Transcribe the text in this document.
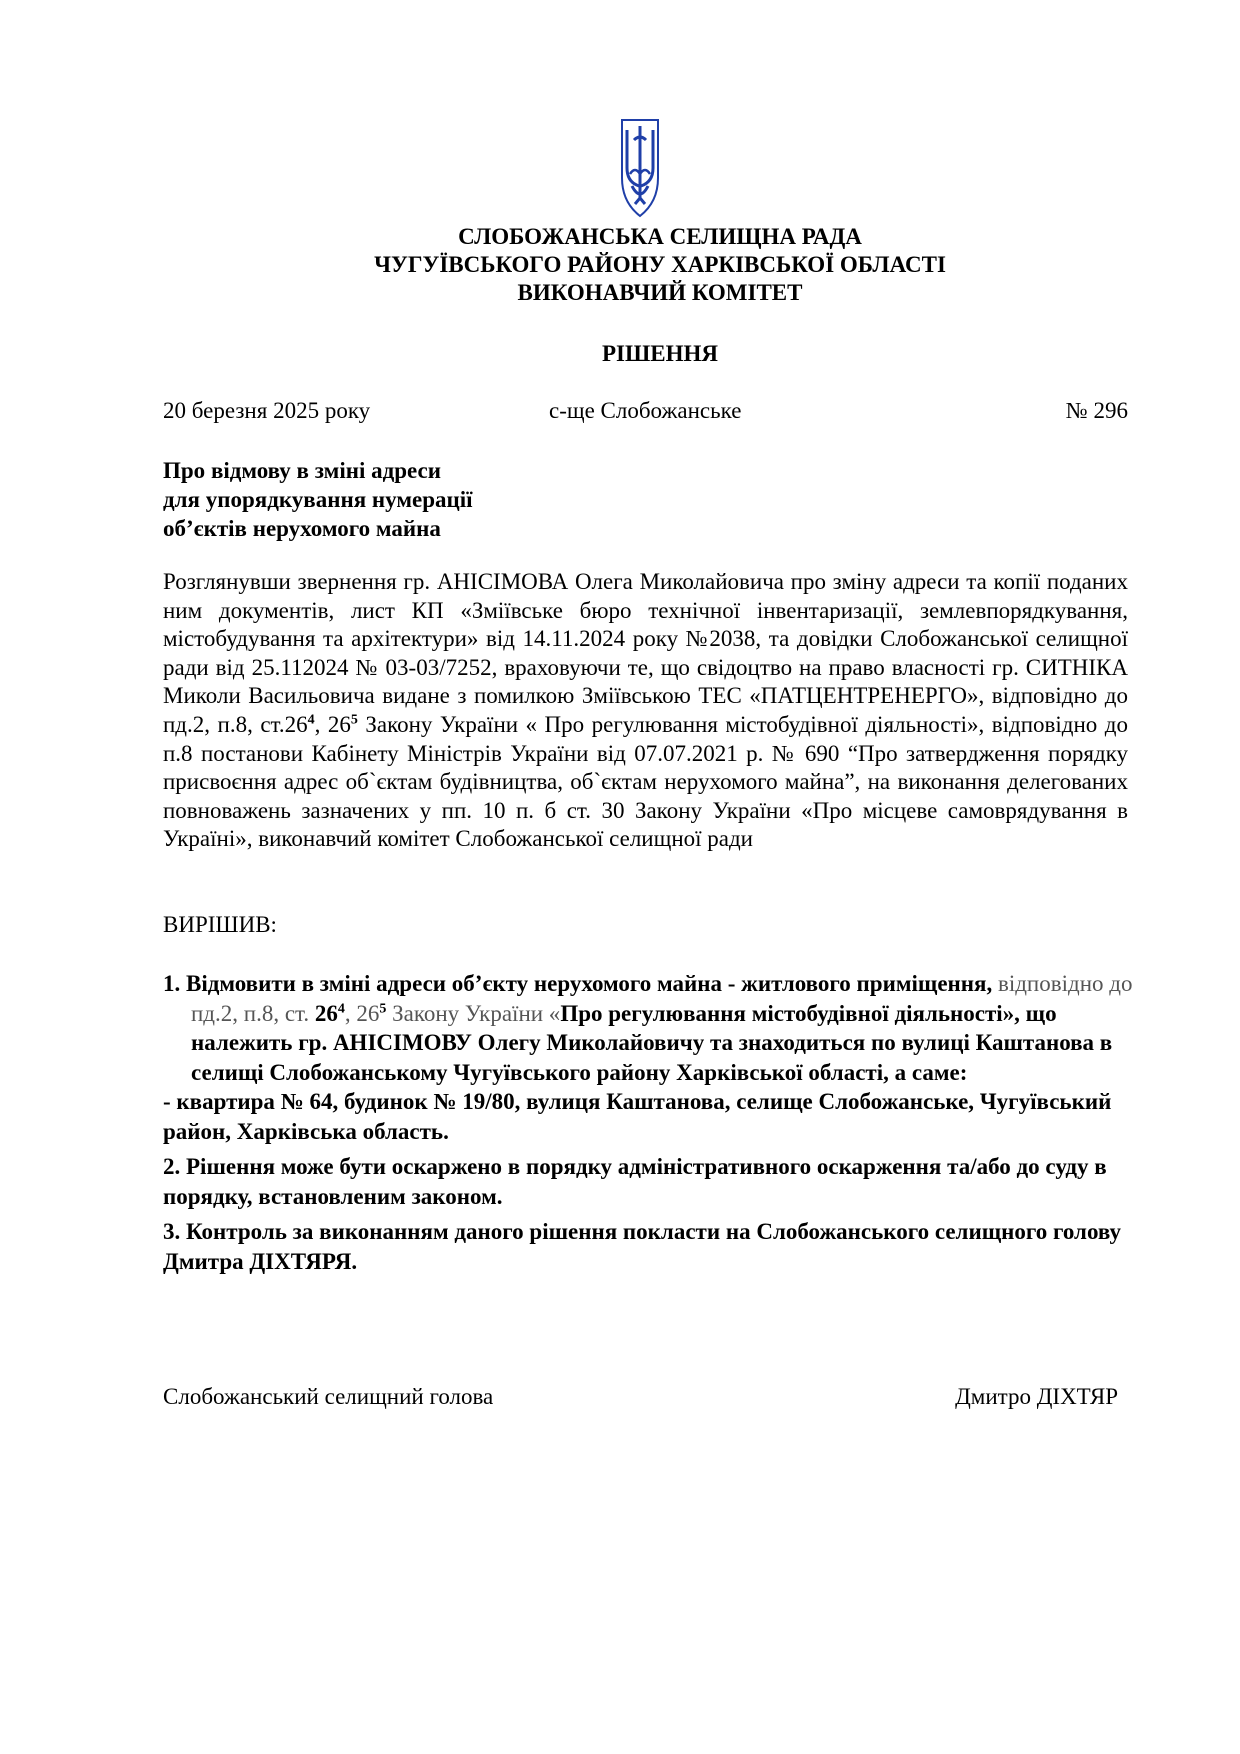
СЛОБОЖАНСЬКА СЕЛИЩНА РАДА
ЧУГУЇВСЬКОГО РАЙОНУ ХАРКІВСЬКОЇ ОБЛАСТІ
ВИКОНАВЧИЙ КОМІТЕТ
РІШЕННЯ
20 березня 2025 року	с-ще Слобожанське	№ 296
Про відмову в зміні адреси
для упорядкування нумерації
об’єктів нерухомого майна
Розглянувши звернення гр. АНІСІМОВА Олега Миколайовича про зміну адреси та копії поданих ним документів, лист КП «Зміївське бюро технічної інвентаризації, землевпорядкування, містобудування та архітектури» від 14.11.2024 року №2038, та довідки Слобожанської селищної ради від 25.112024 № 03-03/7252, враховуючи те, що свідоцтво на право власності гр. СИТНІКА Миколи Васильовича видане з помилкою Зміївською ТЕС «ПАТЦЕНТРЕНЕРГО», відповідно до пд.2, п.8, $ст.26^4$, $26^5$ Закону України « Про регулювання містобудівної діяльності», відповідно до п.8 постанови Кабінету Міністрів України від 07.07.2021 р. № 690 “Про затвердження порядку присвоєння адрес об`єктам будівництва, об`єктам нерухомого майна”, на виконання делегованих повноважень зазначених у пп. 10 п. б ст. 30 Закону України «Про місцеве самоврядування в Україні», виконавчий комітет Слобожанської селищної ради
ВИРІШИВ:
1. Відмовити в зміні адреси об’єкту нерухомого майна - житлового приміщення, відповідно до пд.2, п.8, ст. $26^4$, $26^5$ Закону України «Про регулювання містобудівної діяльності», що належить гр. АНІСІМОВУ Олегу Миколайовичу та знаходиться по вулиці Каштанова в селищі Слобожанському Чугуївського району Харківської області, а саме:
- квартира № 64, будинок № 19/80, вулиця Каштанова, селище Слобожанське, Чугуївський район, Харківська область.
2. Рішення може бути оскаржено в порядку адміністративного оскарження та/або до суду в порядку, встановленим законом.
3. Контроль за виконанням даного рішення покласти на Слобожанського селищного голову Дмитра ДІХТЯРЯ.
Слобожанський селищний голова	Дмитро ДІХТЯР
